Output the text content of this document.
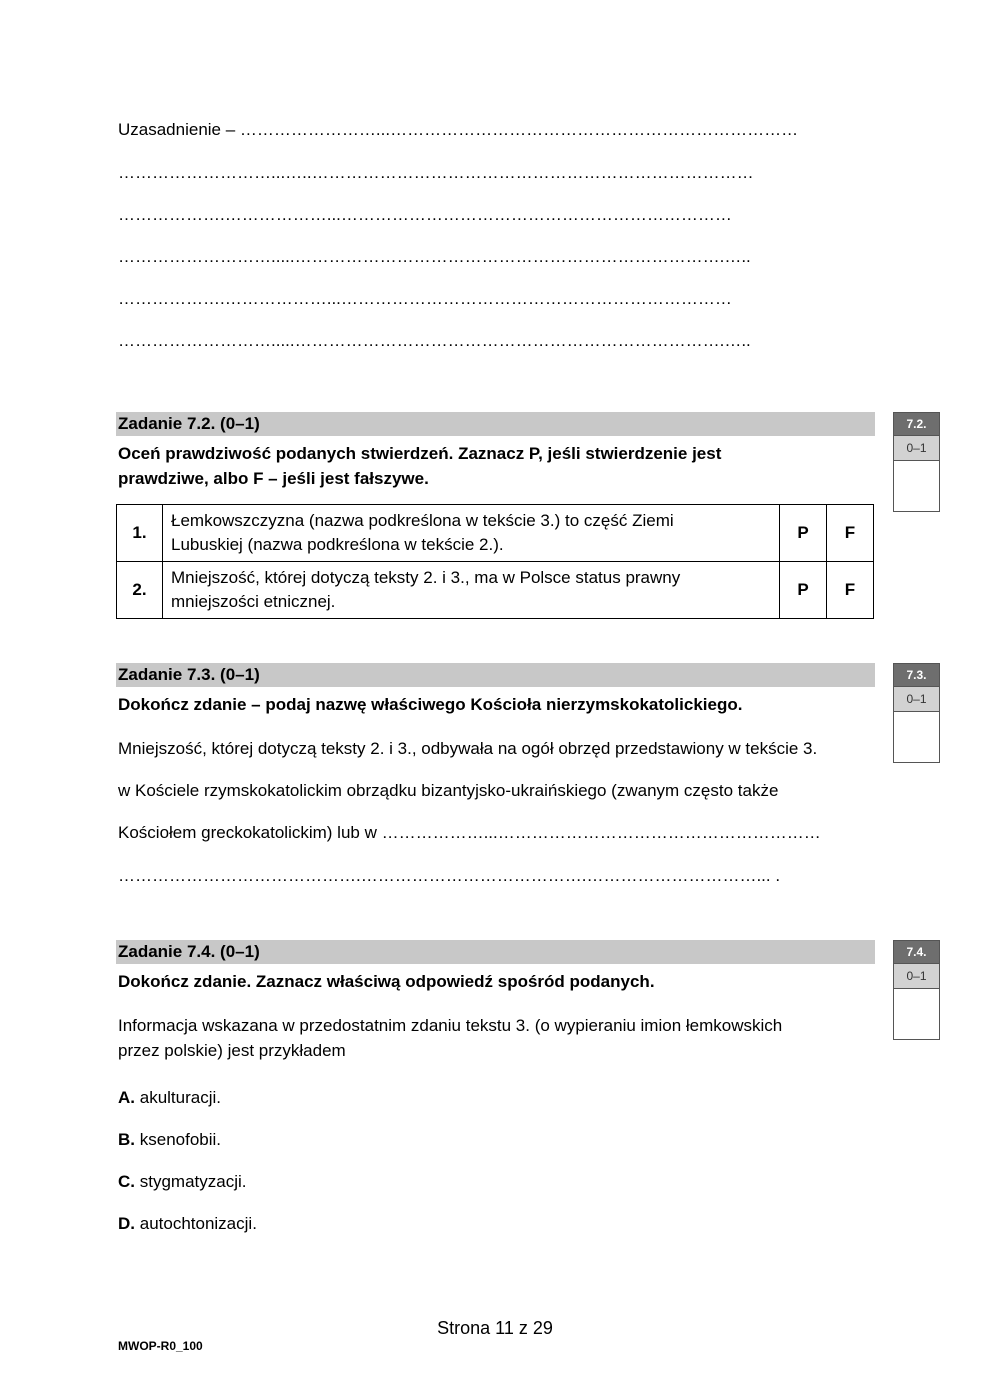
Uzasadnienie – ……………………...………………………………………………………………
………………………...…..……………………………………………………………………
……………….………………...……………………………………………………………
……………………….....………………………………………………………………….…..
……………….………………...……………………………………………………………
……………………….....………………………………………………………………….…..
Zadanie 7.2. (0–1)
Oceń prawdziwość podanych stwierdzeń. Zaznacz P, jeśli stwierdzenie jest
prawdziwe, albo F – jeśli jest fałszywe.
1.	Łemkowszczyzna (nazwa podkreślona w tekście 3.) to część Ziemi
Lubuskiej (nazwa podkreślona w tekście 2.).	P	F
2.	Mniejszość, której dotyczą teksty 2. i 3., ma w Polsce status prawny
mniejszości etnicznej.	P	F
7.2.
0–1
Zadanie 7.3. (0–1)
Dokończ zdanie – podaj nazwę właściwego Kościoła nierzymskokatolickiego.
Mniejszość, której dotyczą teksty 2. i 3., odbywała na ogół obrzęd przedstawiony w tekście 3.
w Kościele rzymskokatolickim obrządku bizantyjsko-ukraińskiego (zwanym często także
Kościołem greckokatolickim) lub w ………………...…………………………………………………
…………………………………….………………………………….…………………………... .
7.3.
0–1
Zadanie 7.4. (0–1)
Dokończ zdanie. Zaznacz właściwą odpowiedź spośród podanych.
Informacja wskazana w przedostatnim zdaniu tekstu 3. (o wypieraniu imion łemkowskich
przez polskie) jest przykładem
A. akulturacji.
B. ksenofobii.
C. stygmatyzacji.
D. autochtonizacji.
7.4.
0–1
Strona 11 z 29
MWOP-R0_100
